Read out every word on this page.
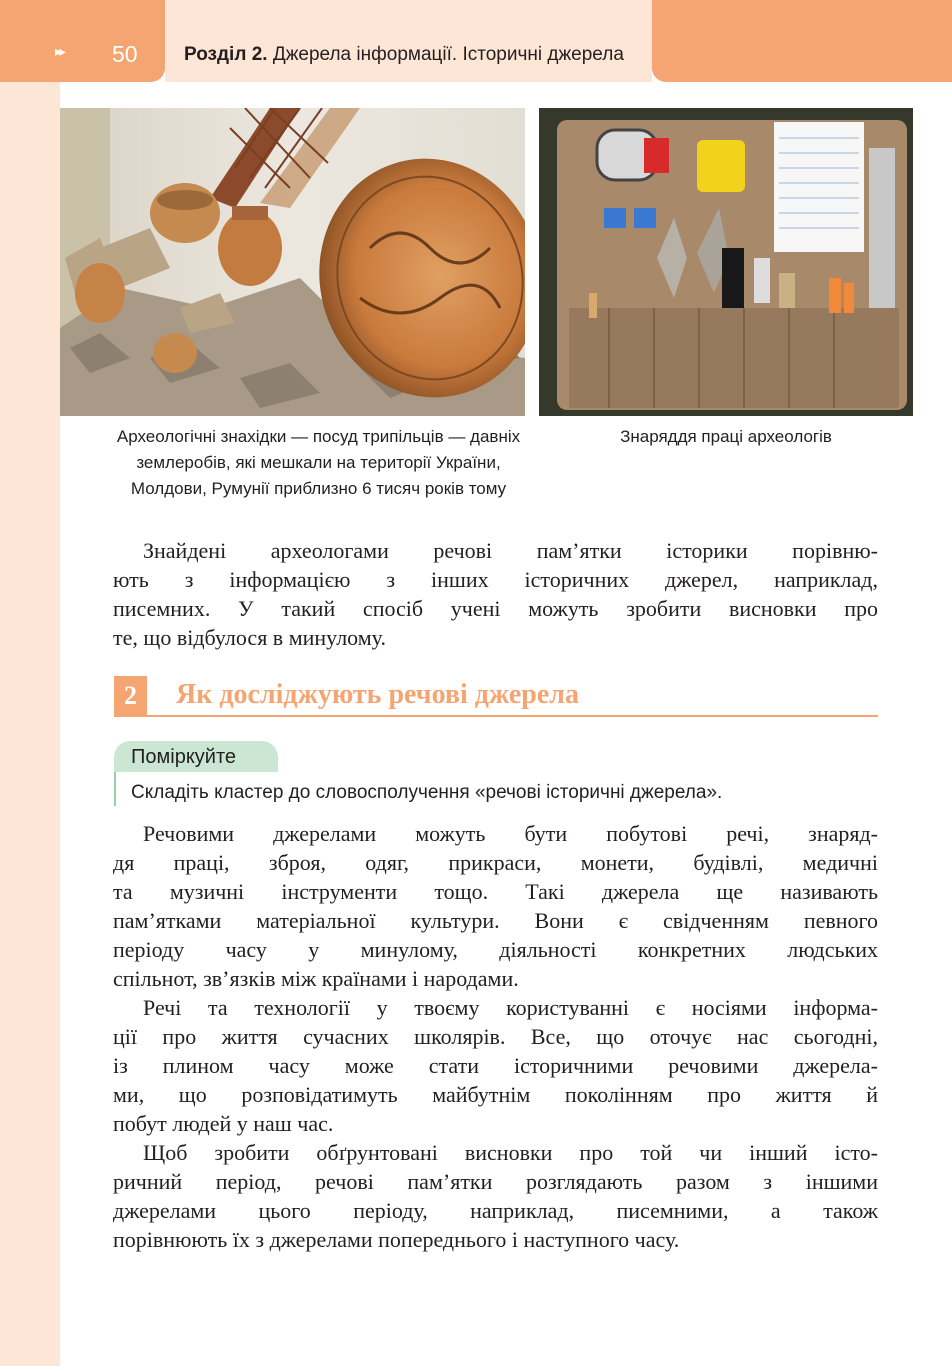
▸▸ 50 Розділ 2. Джерела інформації. Історичні джерела
Археологічні знахідки — посуд трипільців — давніх
землеробів, які мешкали на території України,
Молдови, Румунії приблизно 6 тисяч років тому
Знаряддя праці археологів
Знайдені археологами речові пам’ятки історики порівню-
ють з інформацією з інших історичних джерел, наприклад,
писемних. У такий спосіб учені можуть зробити висновки про
те, що відбулося в минулому.
2	Як досліджують речові джерела
Поміркуйте
Складіть кластер до словосполучення «речові історичні джерела».
Речовими джерелами можуть бути побутові речі, знаряд-
дя праці, зброя, одяг, прикраси, монети, будівлі, медичні
та музичні інструменти тощо. Такі джерела ще називають
пам’ятками матеріальної культури. Вони є свідченням певного
періоду часу у минулому, діяльності конкретних людських
спільнот, зв’язків між країнами і народами.
Речі та технології у твоєму користуванні є носіями інформа-
ції про життя сучасних школярів. Все, що оточує нас сьогодні,
із плином часу може стати історичними речовими джерела-
ми, що розповідатимуть майбутнім поколінням про життя й
побут людей у наш час.
Щоб зробити обґрунтовані висновки про той чи інший істо-
ричний період, речові пам’ятки розглядають разом з іншими
джерелами цього періоду, наприклад, писемними, а також
порівнюють їх з джерелами попереднього і наступного часу.
